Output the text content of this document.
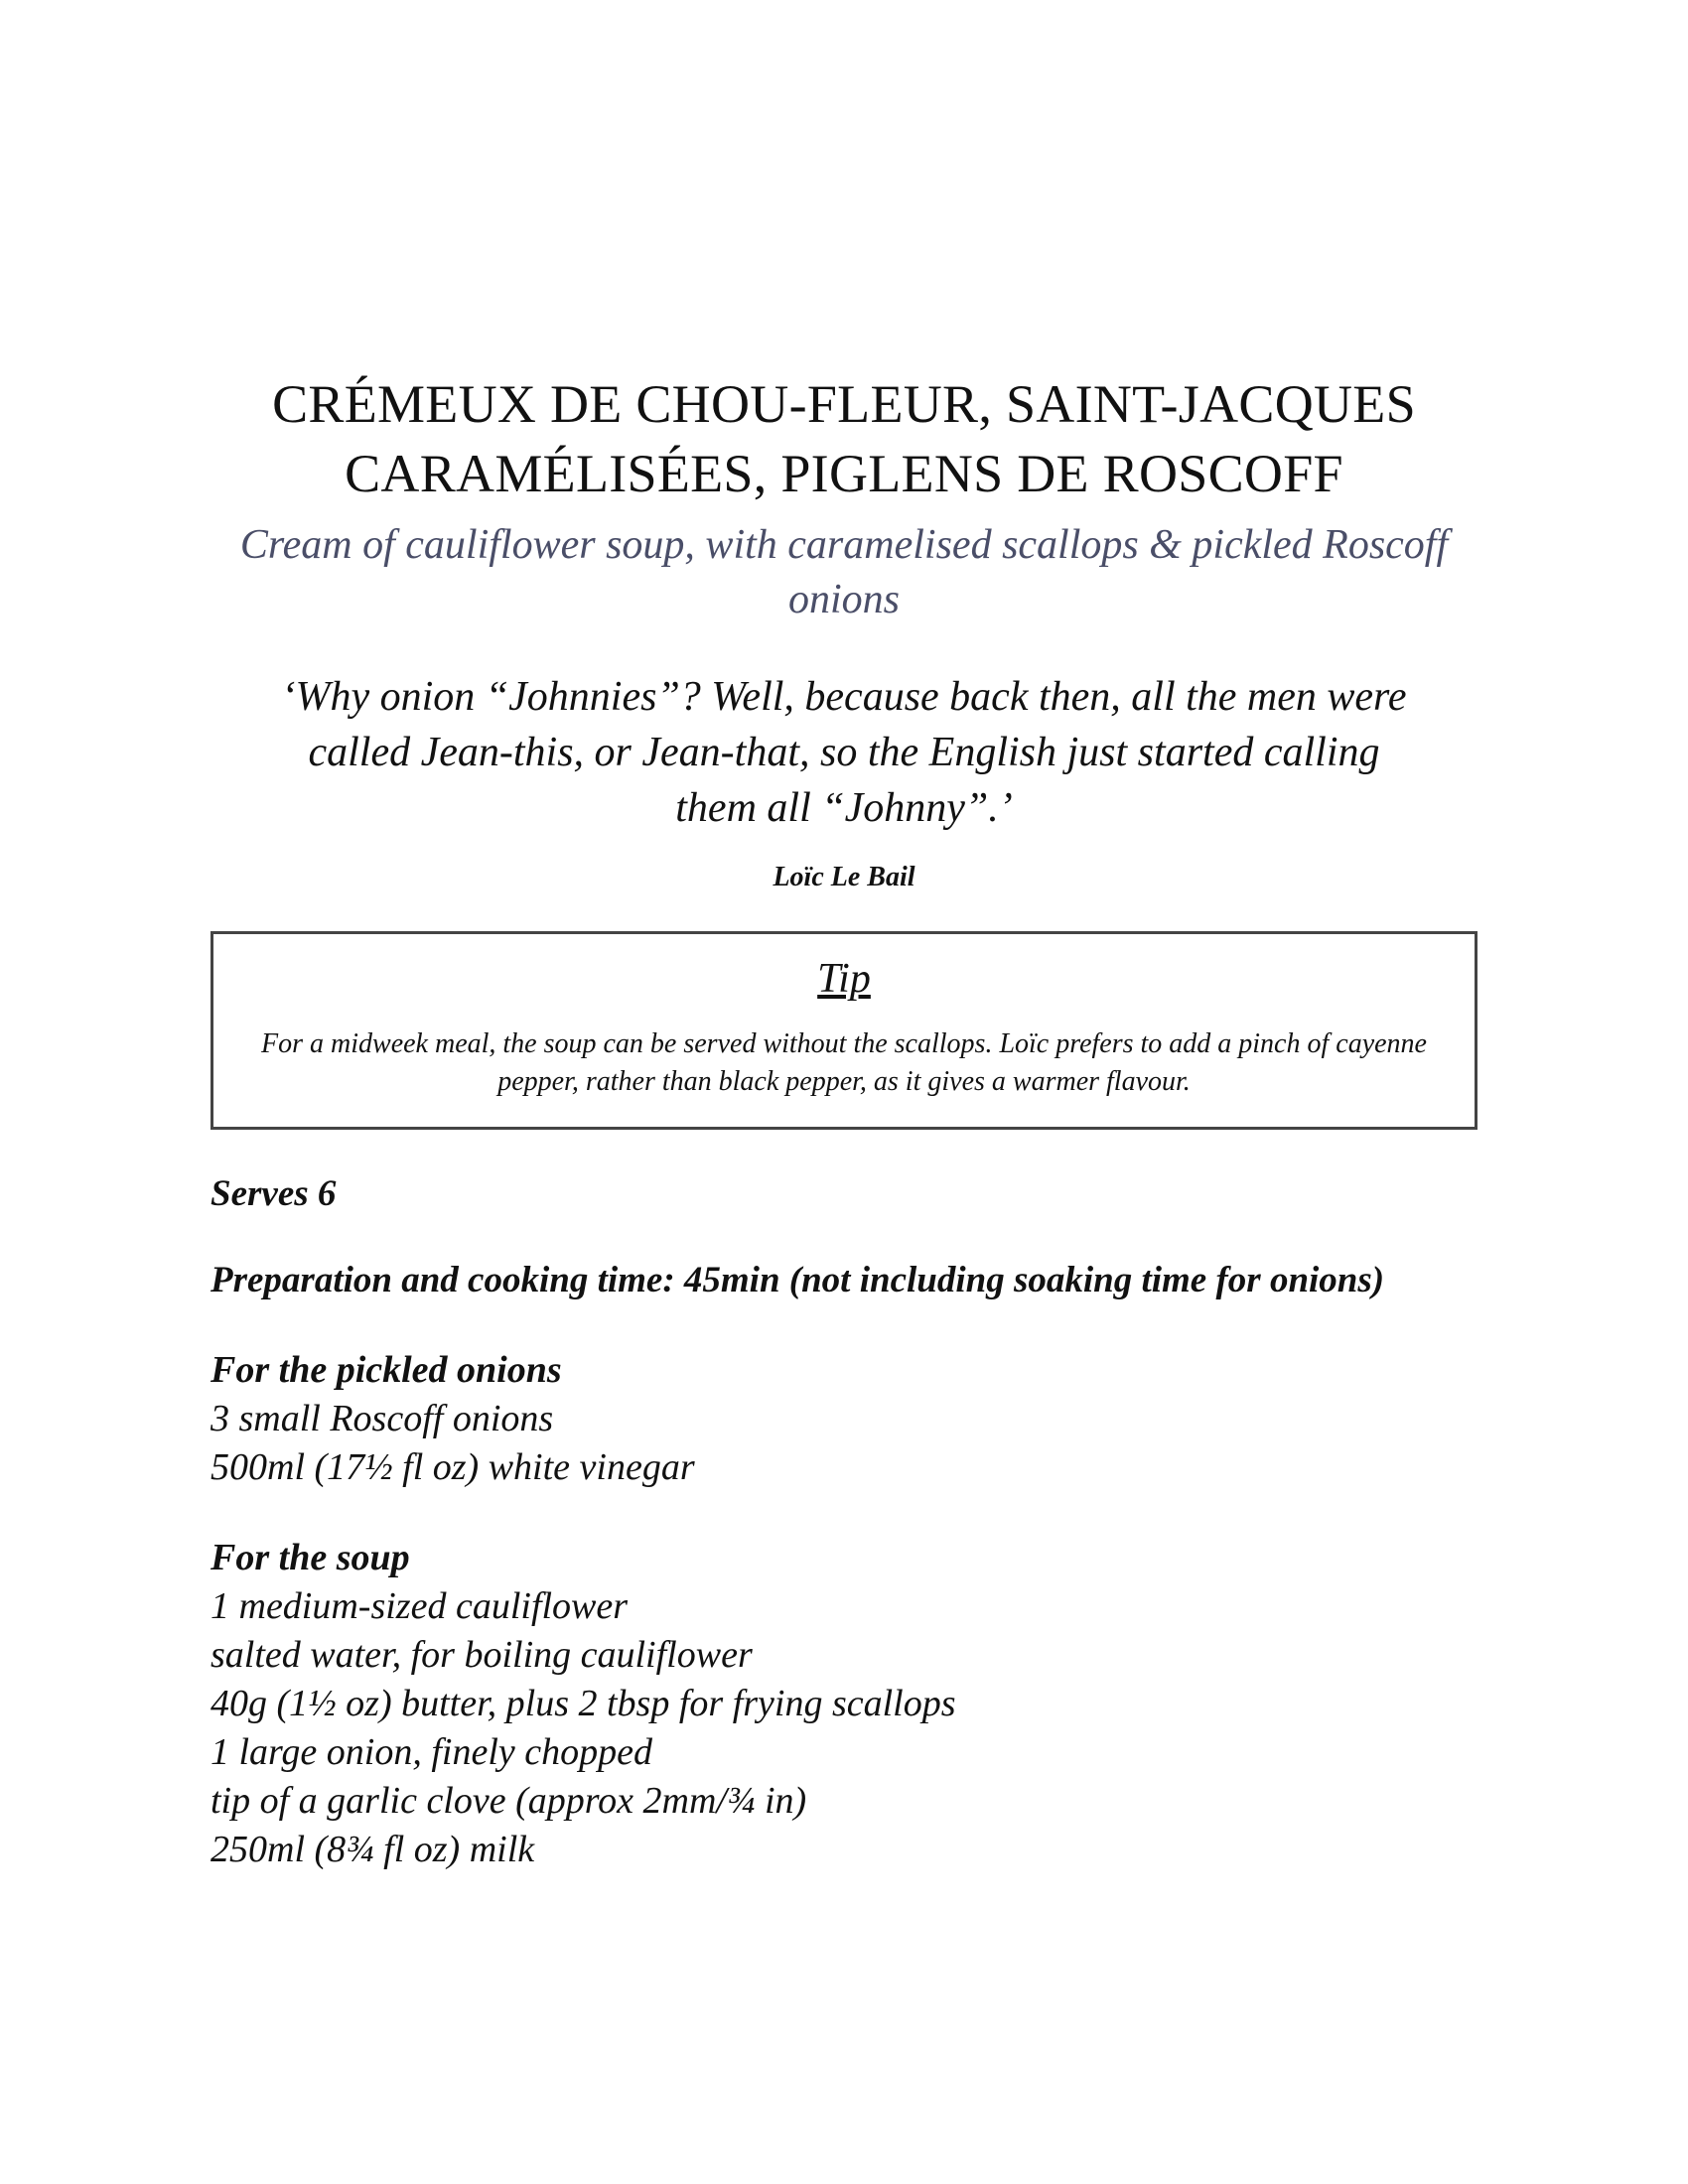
CRÉMEUX DE CHOU-FLEUR, SAINT-JACQUES
CARAMÉLISÉES, PIGLENS DE ROSCOFF
Cream of cauliflower soup, with caramelised scallops & pickled Roscoff onions
‘Why onion “Johnnies”? Well, because back then, all the men were called Jean-this, or Jean-that, so the English just started calling them all “Johnny”.’
Loïc Le Bail
Tip
For a midweek meal, the soup can be served without the scallops. Loïc prefers to add a pinch of cayenne pepper, rather than black pepper, as it gives a warmer flavour.
Serves 6
Preparation and cooking time: 45min (not including soaking time for onions)
For the pickled onions
3 small Roscoff onions
500ml (17½ fl oz) white vinegar
For the soup
1 medium-sized cauliflower
salted water, for boiling cauliflower
40g (1½ oz) butter, plus 2 tbsp for frying scallops
1 large onion, finely chopped
tip of a garlic clove (approx 2mm/¾ in)
250ml (8¾ fl oz) milk
